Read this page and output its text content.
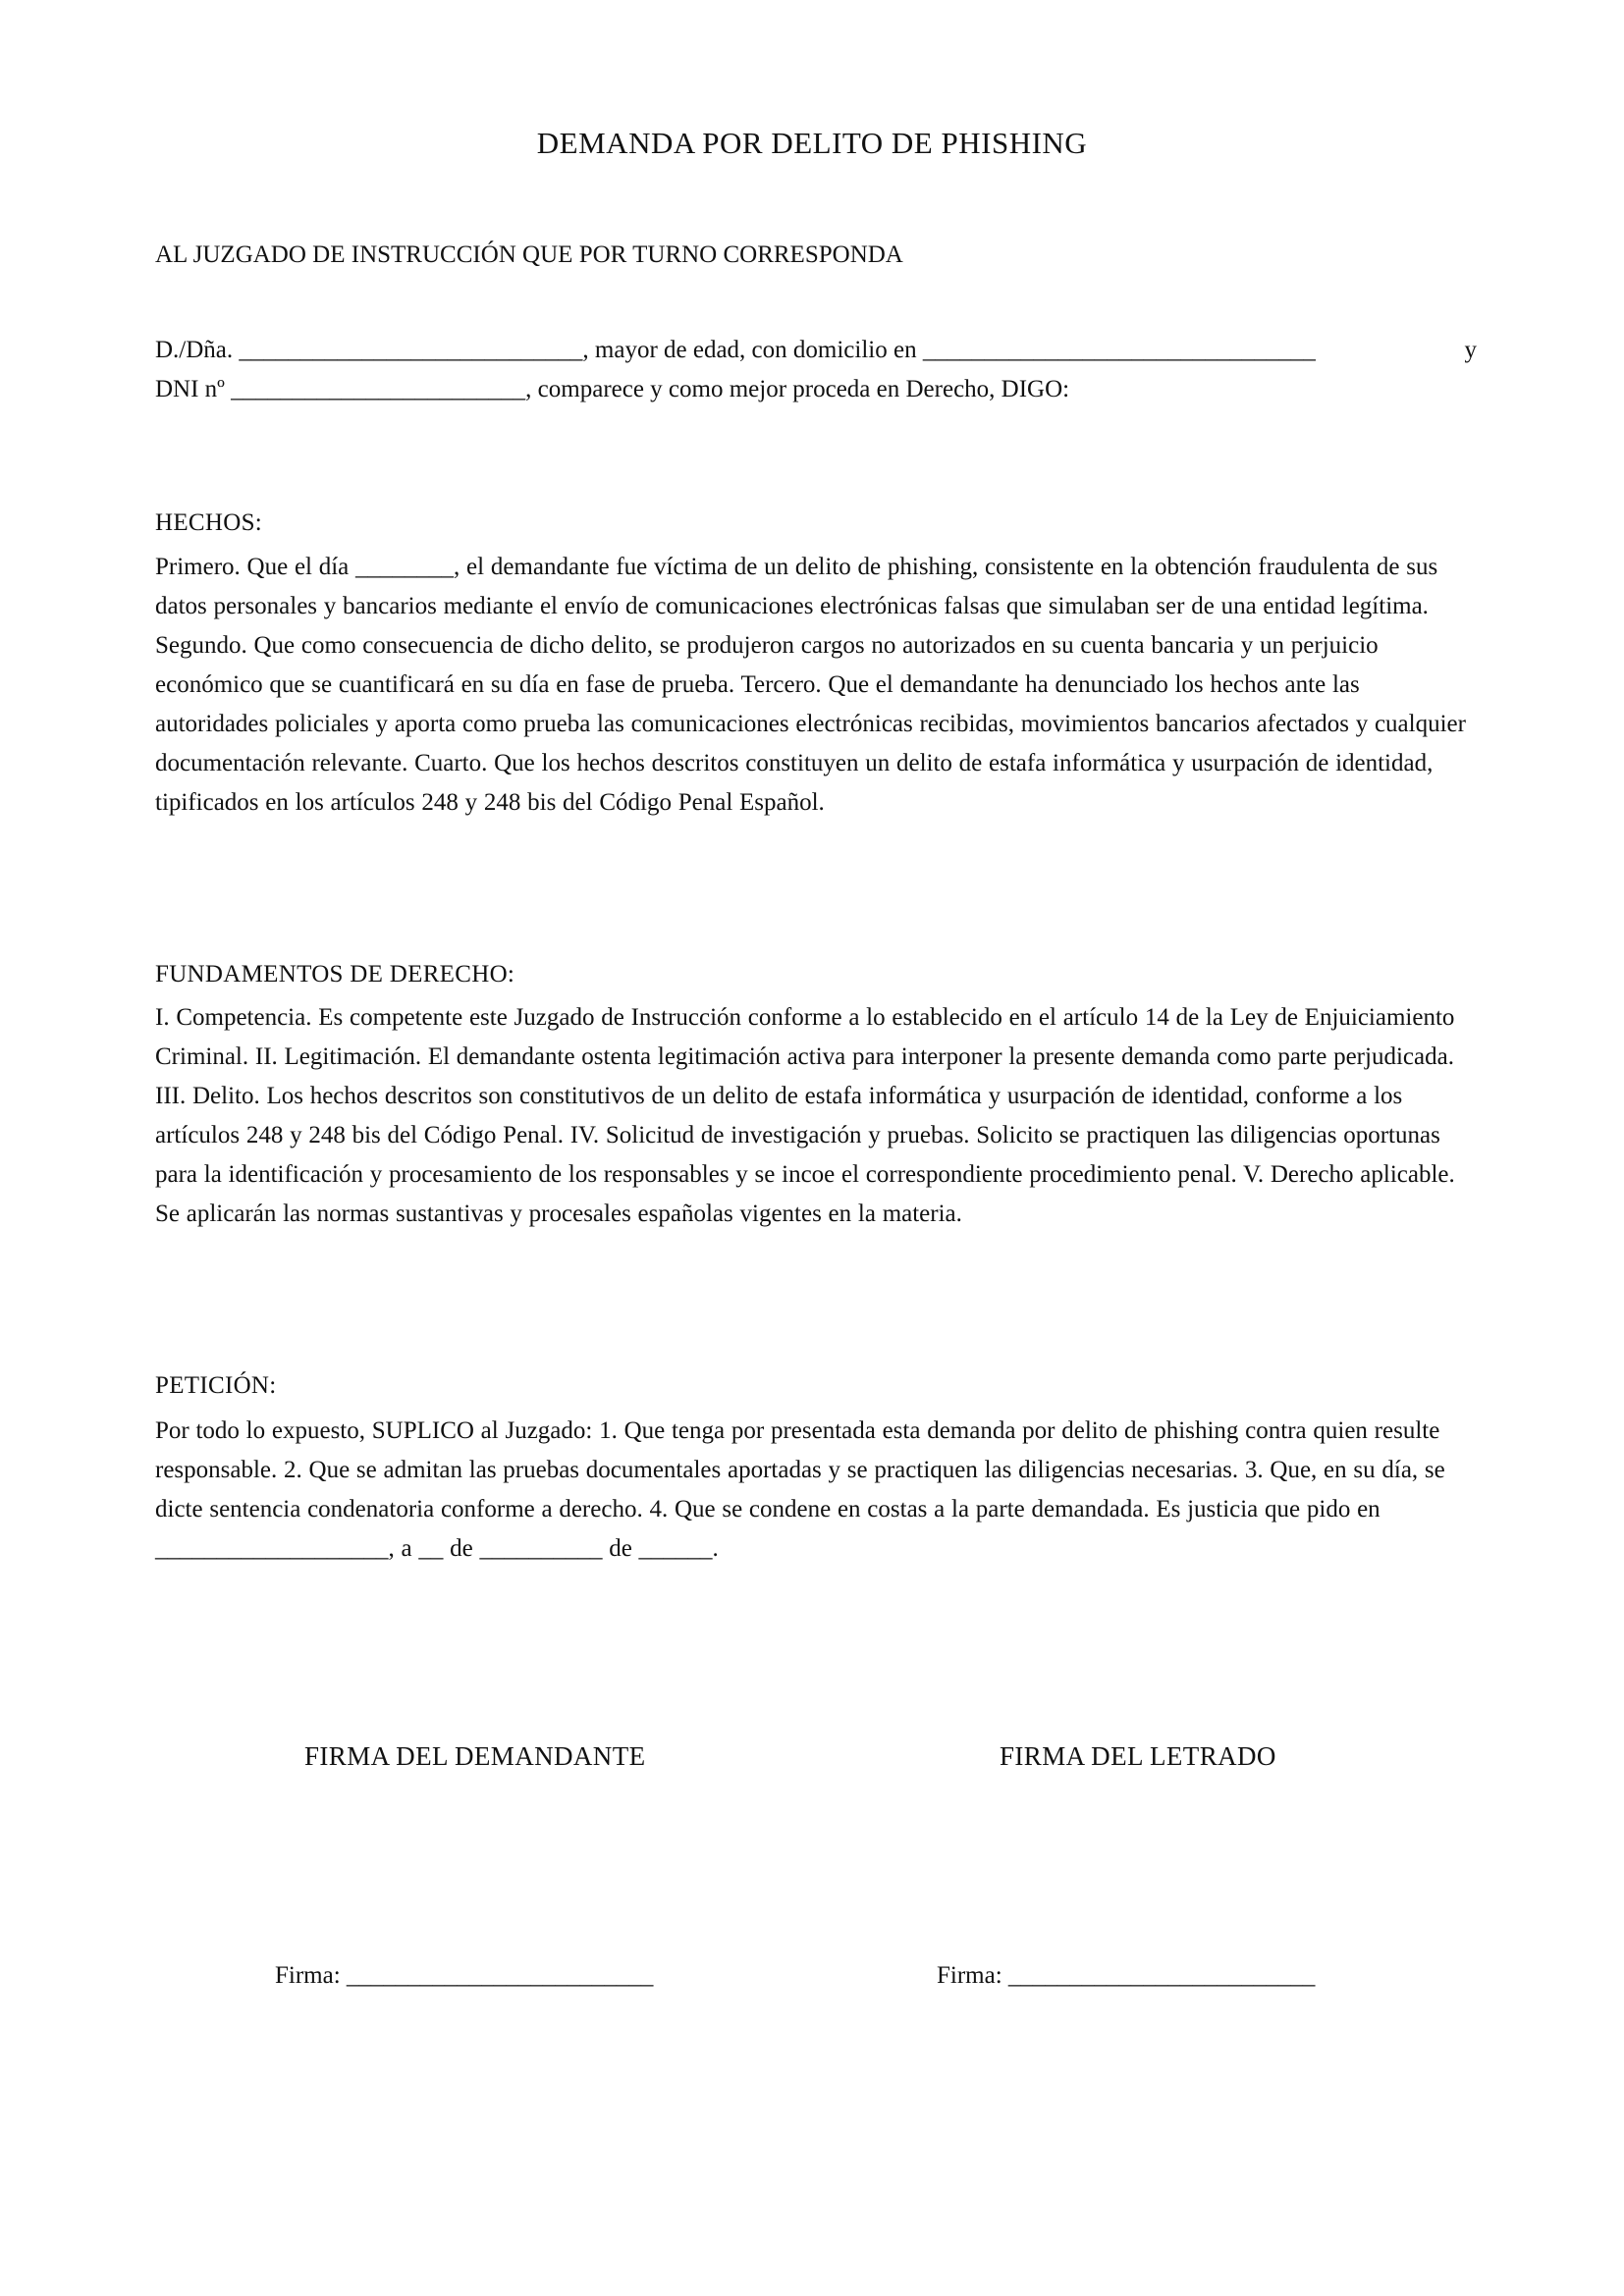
DEMANDA POR DELITO DE PHISHING
AL JUZGADO DE INSTRUCCIÓN QUE POR TURNO CORRESPONDA
D./Dña. ____________________________, mayor de edad, con domicilio en ________________________________	y
DNI nº ________________________, comparece y como mejor proceda en Derecho, DIGO:
HECHOS:
Primero. Que el día ________, el demandante fue víctima de un delito de phishing, consistente en la obtención fraudulenta de sus datos personales y bancarios mediante el envío de comunicaciones electrónicas falsas que simulaban ser de una entidad legítima. Segundo. Que como consecuencia de dicho delito, se produjeron cargos no autorizados en su cuenta bancaria y un perjuicio económico que se cuantificará en su día en fase de prueba. Tercero. Que el demandante ha denunciado los hechos ante las autoridades policiales y aporta como prueba las comunicaciones electrónicas recibidas, movimientos bancarios afectados y cualquier documentación relevante. Cuarto. Que los hechos descritos constituyen un delito de estafa informática y usurpación de identidad, tipificados en los artículos 248 y 248 bis del Código Penal Español.
FUNDAMENTOS DE DERECHO:
I. Competencia. Es competente este Juzgado de Instrucción conforme a lo establecido en el artículo 14 de la Ley de Enjuiciamiento Criminal. II. Legitimación. El demandante ostenta legitimación activa para interponer la presente demanda como parte perjudicada. III. Delito. Los hechos descritos son constitutivos de un delito de estafa informática y usurpación de identidad, conforme a los artículos 248 y 248 bis del Código Penal. IV. Solicitud de investigación y pruebas. Solicito se practiquen las diligencias oportunas para la identificación y procesamiento de los responsables y se incoe el correspondiente procedimiento penal. V. Derecho aplicable. Se aplicarán las normas sustantivas y procesales españolas vigentes en la materia.
PETICIÓN:
Por todo lo expuesto, SUPLICO al Juzgado: 1. Que tenga por presentada esta demanda por delito de phishing contra quien resulte responsable. 2. Que se admitan las pruebas documentales aportadas y se practiquen las diligencias necesarias. 3. Que, en su día, se dicte sentencia condenatoria conforme a derecho. 4. Que se condene en costas a la parte demandada. Es justicia que pido en ___________________, a __ de __________ de ______.
FIRMA DEL DEMANDANTE	FIRMA DEL LETRADO
Firma: _________________________	Firma: _________________________
